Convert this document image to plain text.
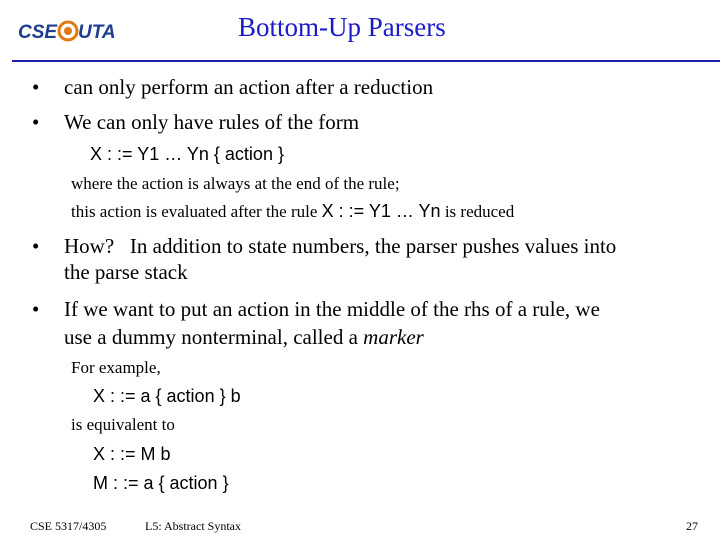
CSE UTA	Bottom-Up Parsers
• can only perform an action after a reduction
• We can only have rules of the form
X : := Y1 … Yn { action }
where the action is always at the end of the rule;
this action is evaluated after the rule X : := Y1 … Yn is reduced
• How?   In addition to state numbers, the parser pushes values into
the parse stack
• If we want to put an action in the middle of the rhs of a rule, we
use a dummy nonterminal, called a marker
For example,
X : := a { action } b
is equivalent to
X : := M b
M : := a { action }
CSE 5317/4305	L5: Abstract Syntax	27
